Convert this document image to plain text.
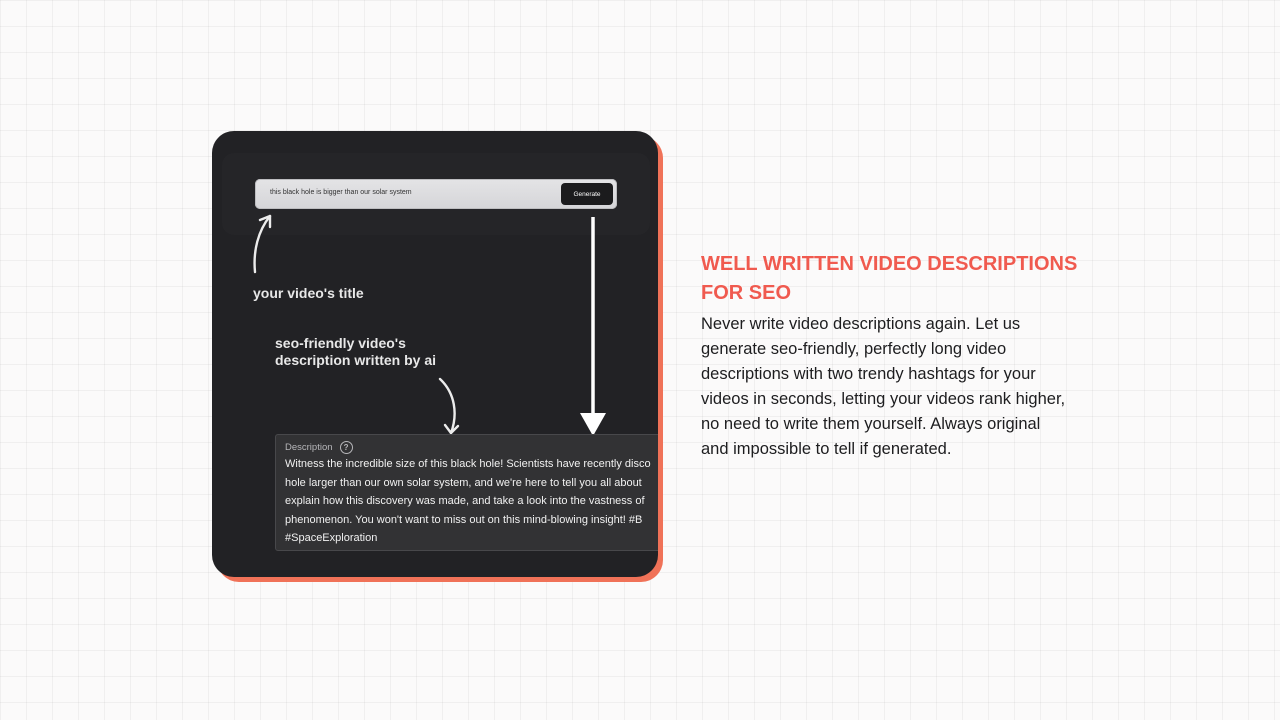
this black hole is bigger than our solar system	Generate
your video's title
seo-friendly video's
description written by ai
Description	?
Witness the incredible size of this black hole! Scientists have recently disco
hole larger than our own solar system, and we're here to tell you all about
explain how this discovery was made, and take a look into the vastness of
phenomenon. You won't want to miss out on this mind-blowing insight! #B
#SpaceExploration
WELL WRITTEN VIDEO DESCRIPTIONS FOR SEO
Never write video descriptions again. Let us generate seo-friendly, perfectly long video descriptions with two trendy hashtags for your videos in seconds, letting your videos rank higher, no need to write them yourself. Always original and impossible to tell if generated.
